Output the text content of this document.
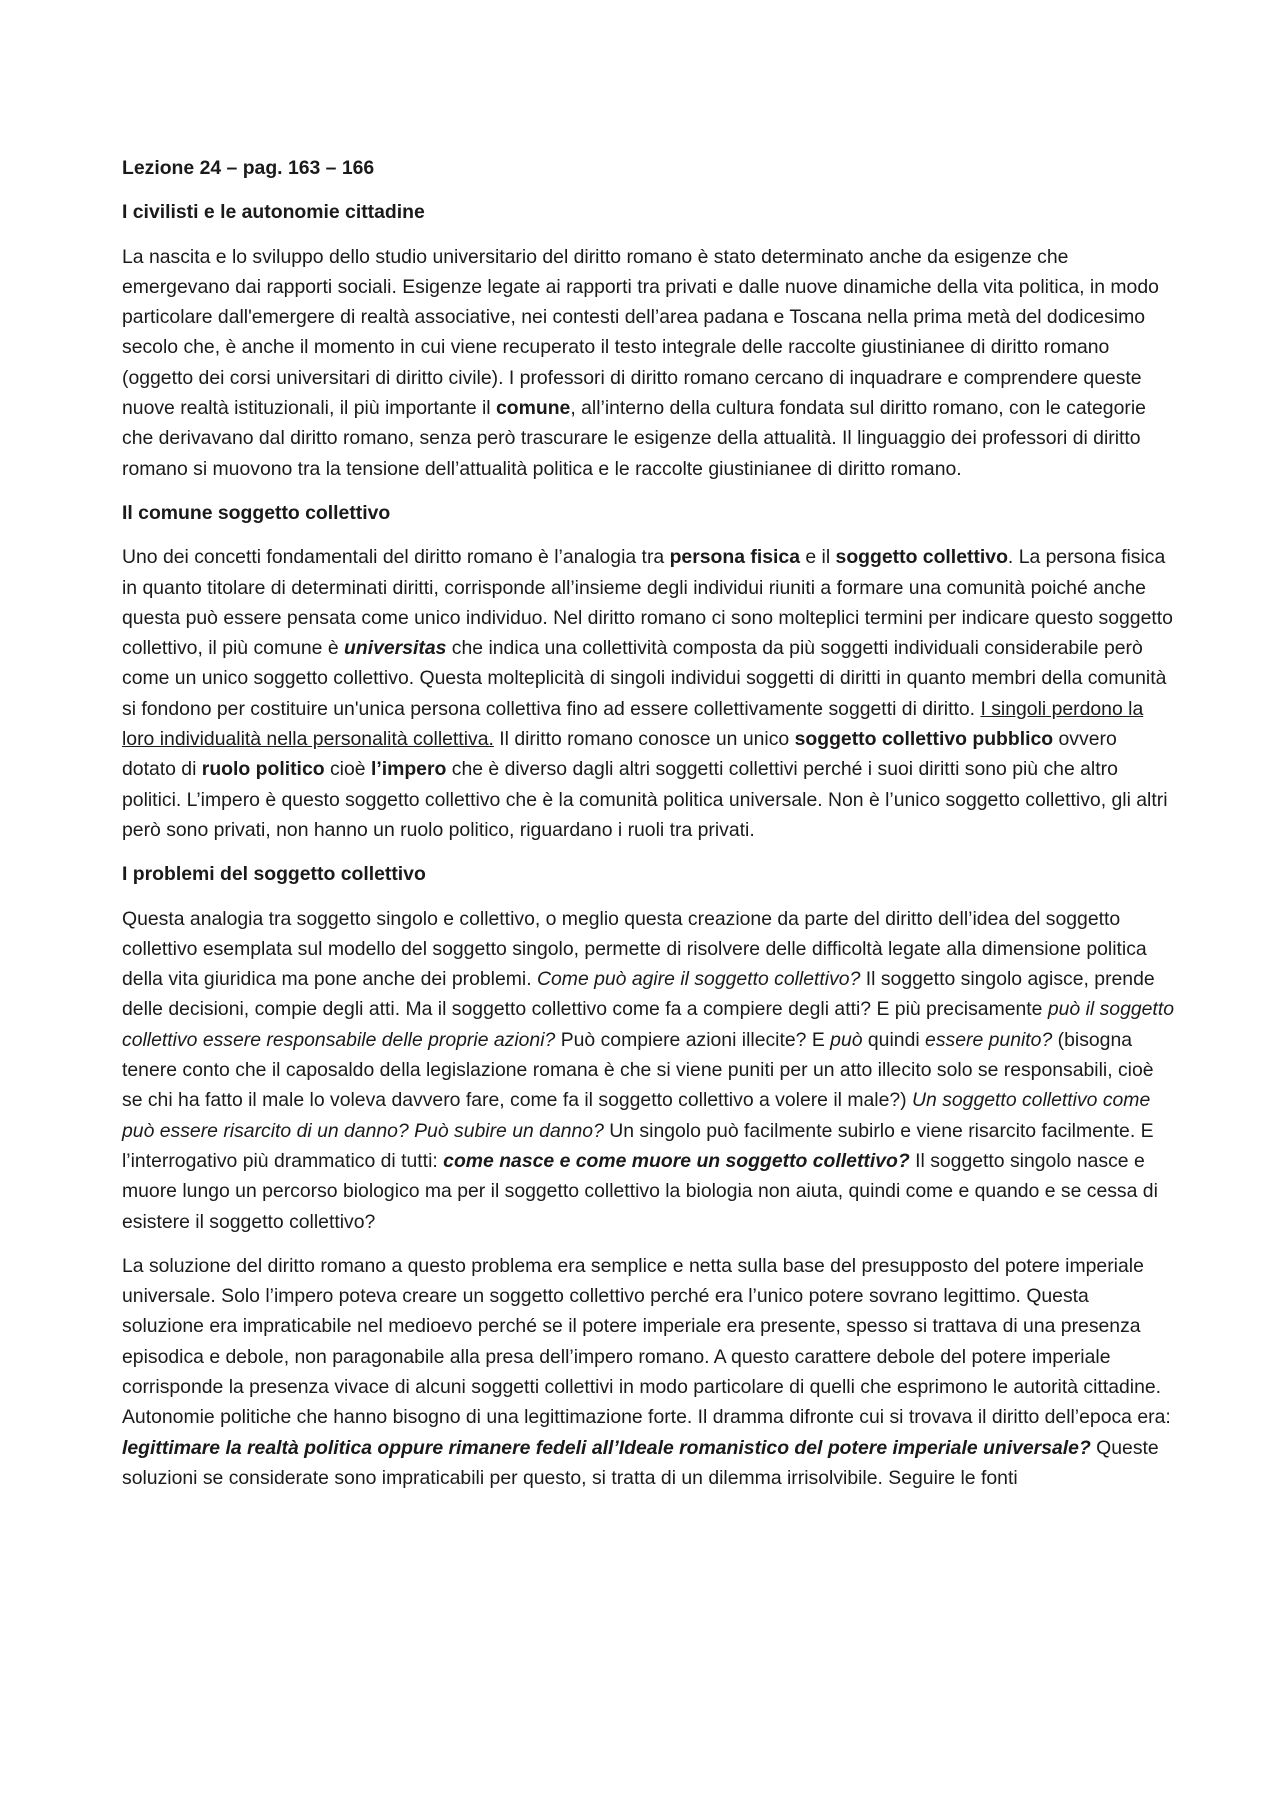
Lezione 24 – pag. 163 – 166

I civilisti e le autonomie cittadine

La nascita e lo sviluppo dello studio universitario del diritto romano è stato determinato anche da esigenze che emergevano dai rapporti sociali. Esigenze legate ai rapporti tra privati e dalle nuove dinamiche della vita politica, in modo particolare dall'emergere di realtà associative, nei contesti dell’area padana e Toscana nella prima metà del dodicesimo secolo che, è anche il momento in cui viene recuperato il testo integrale delle raccolte giustinianee di diritto romano (oggetto dei corsi universitari di diritto civile). I professori di diritto romano cercano di inquadrare e comprendere queste nuove realtà istituzionali, il più importante il comune, all’interno della cultura fondata sul diritto romano, con le categorie che derivavano dal diritto romano, senza però trascurare le esigenze della attualità. Il linguaggio dei professori di diritto romano si muovono tra la tensione dell’attualità politica e le raccolte giustinianee di diritto romano.

Il comune soggetto collettivo

Uno dei concetti fondamentali del diritto romano è l’analogia tra persona fisica e il soggetto collettivo. La persona fisica in quanto titolare di determinati diritti, corrisponde all’insieme degli individui riuniti a formare una comunità poiché anche questa può essere pensata come unico individuo. Nel diritto romano ci sono molteplici termini per indicare questo soggetto collettivo, il più comune è universitas che indica una collettività composta da più soggetti individuali considerabile però come un unico soggetto collettivo. Questa molteplicità di singoli individui soggetti di diritti in quanto membri della comunità si fondono per costituire un'unica persona collettiva fino ad essere collettivamente soggetti di diritto. I singoli perdono la loro individualità nella personalità collettiva. Il diritto romano conosce un unico soggetto collettivo pubblico ovvero dotato di ruolo politico cioè l’impero che è diverso dagli altri soggetti collettivi perché i suoi diritti sono più che altro politici. L’impero è questo soggetto collettivo che è la comunità politica universale. Non è l’unico soggetto collettivo, gli altri però sono privati, non hanno un ruolo politico, riguardano i ruoli tra privati.

I problemi del soggetto collettivo

Questa analogia tra soggetto singolo e collettivo, o meglio questa creazione da parte del diritto dell’idea del soggetto collettivo esemplata sul modello del soggetto singolo, permette di risolvere delle difficoltà legate alla dimensione politica della vita giuridica ma pone anche dei problemi. Come può agire il soggetto collettivo? Il soggetto singolo agisce, prende delle decisioni, compie degli atti. Ma il soggetto collettivo come fa a compiere degli atti? E più precisamente può il soggetto collettivo essere responsabile delle proprie azioni? Può compiere azioni illecite? E può quindi essere punito? (bisogna tenere conto che il caposaldo della legislazione romana è che si viene puniti per un atto illecito solo se responsabili, cioè se chi ha fatto il male lo voleva davvero fare, come fa il soggetto collettivo a volere il male?) Un soggetto collettivo come può essere risarcito di un danno? Può subire un danno? Un singolo può facilmente subirlo e viene risarcito facilmente. E l’interrogativo più drammatico di tutti: come nasce e come muore un soggetto collettivo? Il soggetto singolo nasce e muore lungo un percorso biologico ma per il soggetto collettivo la biologia non aiuta, quindi come e quando e se cessa di esistere il soggetto collettivo?

La soluzione del diritto romano a questo problema era semplice e netta sulla base del presupposto del potere imperiale universale. Solo l’impero poteva creare un soggetto collettivo perché era l’unico potere sovrano legittimo. Questa soluzione era impraticabile nel medioevo perché se il potere imperiale era presente, spesso si trattava di una presenza episodica e debole, non paragonabile alla presa dell’impero romano. A questo carattere debole del potere imperiale corrisponde la presenza vivace di alcuni soggetti collettivi in modo particolare di quelli che esprimono le autorità cittadine. Autonomie politiche che hanno bisogno di una legittimazione forte. Il dramma difronte cui si trovava il diritto dell’epoca era: legittimare la realtà politica oppure rimanere fedeli all’Ideale romanistico del potere imperiale universale? Queste soluzioni se considerate sono impraticabili per questo, si tratta di un dilemma irrisolvibile. Seguire le fonti
